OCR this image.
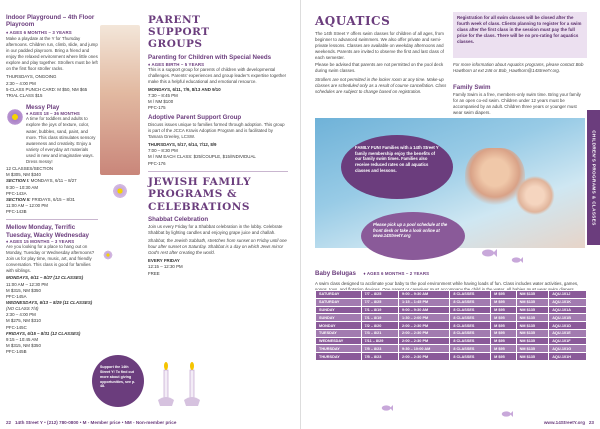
Indoor Playground – 4th Floor Playroom
♦ AGES 6 MONTHS – 3 YEARS
Make a playdate at the Y for Thursday afternoons. Children run, climb, slide, and jump in our padded playroom. Bring a friend and enjoy the relaxed environment where little ones explore and play together. Strollers must be left on the first floor stroller racks.
THURSDAYS, ONGOING
2:30 – 4:00 PM
5-CLASS PUNCH CARD: M $50, NM $65
TRIAL CLASS $15
Messy Play
♦ AGES 18 – 36 MONTHS
A time for toddlers and adults to explore the joys of texture, color, water, bubbles, sand, paint, and more. This class stimulates sensory awareness and creativity. Enjoy a variety of everyday art materials used in new and imaginative ways. Dress messy!
12 CLASSES/SECTION
M $305, NM $340
SECTION I: MONDAYS, 6/11 – 8/27
9:30 – 10:30 AM
PFC-143A
SECTION II: FRIDAYS, 6/15 – 8/31
11:00 AM – 12:00 PM
PFC-143B
Mellow Monday, Terrific Tuesday, Wacky Wednesday
♦ AGES 15 MONTHS – 3 YEARS
Are you looking for a place to hang out on Monday, Tuesday or Wednesday afternoons? Join us for play time, music, art, and friendly conversation. This class is good for families with siblings.
MONDAYS, 6/11 – 8/27 (12 CLASSES)
11:00 AM – 12:30 PM
M $315, NM $350
PFC-145A
WEDNESDAYS, 6/13 – 8/29 (11 CLASSES)
(NO CLASS 7/4)
2:30 – 4:00 PM
M $275, NM $310
PFC-145C
FRIDAYS, 6/15 – 8/31 (12 CLASSES)
9:15 – 10:45 AM
M $315, NM $350
PFC-145B
Support the 14th Street Y! To find out more about giving opportunities, see p. 48.
PARENT SUPPORT GROUPS
Parenting for Children with Special Needs
♦ AGES BIRTH – 5 YEARS
This is a support group for parents of children with developmental challenges. Parents' experiences and group leader's expertise together make this a helpful educational and emotional resource.
MONDAYS, 6/11, 7/9, 8/13 AND 9/10
7:30 – 8:45 PM
M / NM $100
PFC-175
Adoptive Parent Support Group
Discuss issues unique to families formed through adoption. This group is part of the JCCA Kravis Adoption Program and is facilitated by Tamara Greeley, LCSW.
THURSDAYS, 5/17, 6/14, 7/12, 8/9
7:00 – 8:30 PM
M / NM EACH CLASS: $25/COUPLE, $15/INDIVIDUAL
PFC-176
JEWISH FAMILY PROGRAMS & CELEBRATIONS
Shabbat Celebration
Join us every Friday for a Shabbat celebration in the lobby. Celebrate Shabbat by lighting candles and enjoying grape juice and challah.
Shabbat, the Jewish Sabbath, stretches from sunset on Friday until one hour after sunset on Saturday. Shabbat is a day on which Jews mirror God's rest after creating the world.
EVERY FRIDAY
12:15 – 12:30 PM
FREE
22 14th Street Y • (212) 780-0800 • M - Member price • NM - Non-member price
AQUATICS
The 14th Street Y offers swim classes for children of all ages, from beginner to advanced swimmers. We also offer private and semi-private lessons. Classes are available on weekday afternoons and weekends. Parents are invited to observe the first and last class of each semester.
Please be advised that parents are not permitted on the pool deck during swim classes.
Strollers are not permitted in the locker room at any time. Make-up classes are scheduled only as a result of course cancellation. Class schedules are subject to change based on registration.
Registration for all swim classes will be closed after the fourth week of class. Clients planning to register for a swim class after the first class in the session must pay the full price for the class. There will be no pro-rating for aquatics classes.
For more information about Aquatics programs, please contact Bob Hawthorn at ext 246 or Bob_Hawthorn@14StreetY.org.
Family Swim
Family Swim is a free, members-only swim time. Bring your family for an open co-ed swim. Children under 12 years must be accompanied by an adult. Children three years or younger must wear swim diapers.
FAMILY FUN! Families with a 14th Street Y family membership enjoy the benefits of our family swim times. Families also receive reduced rates on all aquatics classes and lessons.
Please pick up a pool schedule at the front desk or take a look online at www.14StreetY.org
CHILDREN'S PROGRAMS & CLASSES
Baby Belugas ♦ AGES 6 MONTHS – 2 YEARS
A swim class designed to acclimate your baby to the pool environment while having loads of fun. Class includes water activities, games,
SATURDAY	7/7 – 8/25	9:00 – 9:30 AM	8 CLASSES	M $95	NM $135	AQU-101J
SATURDAY	7/7 – 8/25	1:15 – 1:45 PM	8 CLASSES	M $95	NM $135	AQU-101K
SUNDAY	7/1 – 8/19	9:00 – 9:30 AM	8 CLASSES	M $95	NM $135	AQU-101A
SUNDAY	7/1 – 8/19	1:30 – 2:00 PM	8 CLASSES	M $95	NM $135	AQU-101B
MONDAY	7/2 – 8/20	2:00 – 2:30 PM	8 CLASSES	M $95	NM $135	AQU-101D
TUESDAY	7/3 – 8/21	2:00 – 2:30 PM	8 CLASSES	M $95	NM $135	AQU-101E
WEDNESDAY	7/11 – 8/29	2:00 – 2:30 PM	8 CLASSES	M $95	NM $135	AQU-101F
THURSDAY	7/5 – 8/23	9:30 – 10:00 AM	8 CLASSES	M $95	NM $135	AQU-101G
THURSDAY	7/5 – 8/23	2:00 – 2:30 PM	8 CLASSES	M $95	NM $135	AQU-101H
www.14StreetY.org 23
